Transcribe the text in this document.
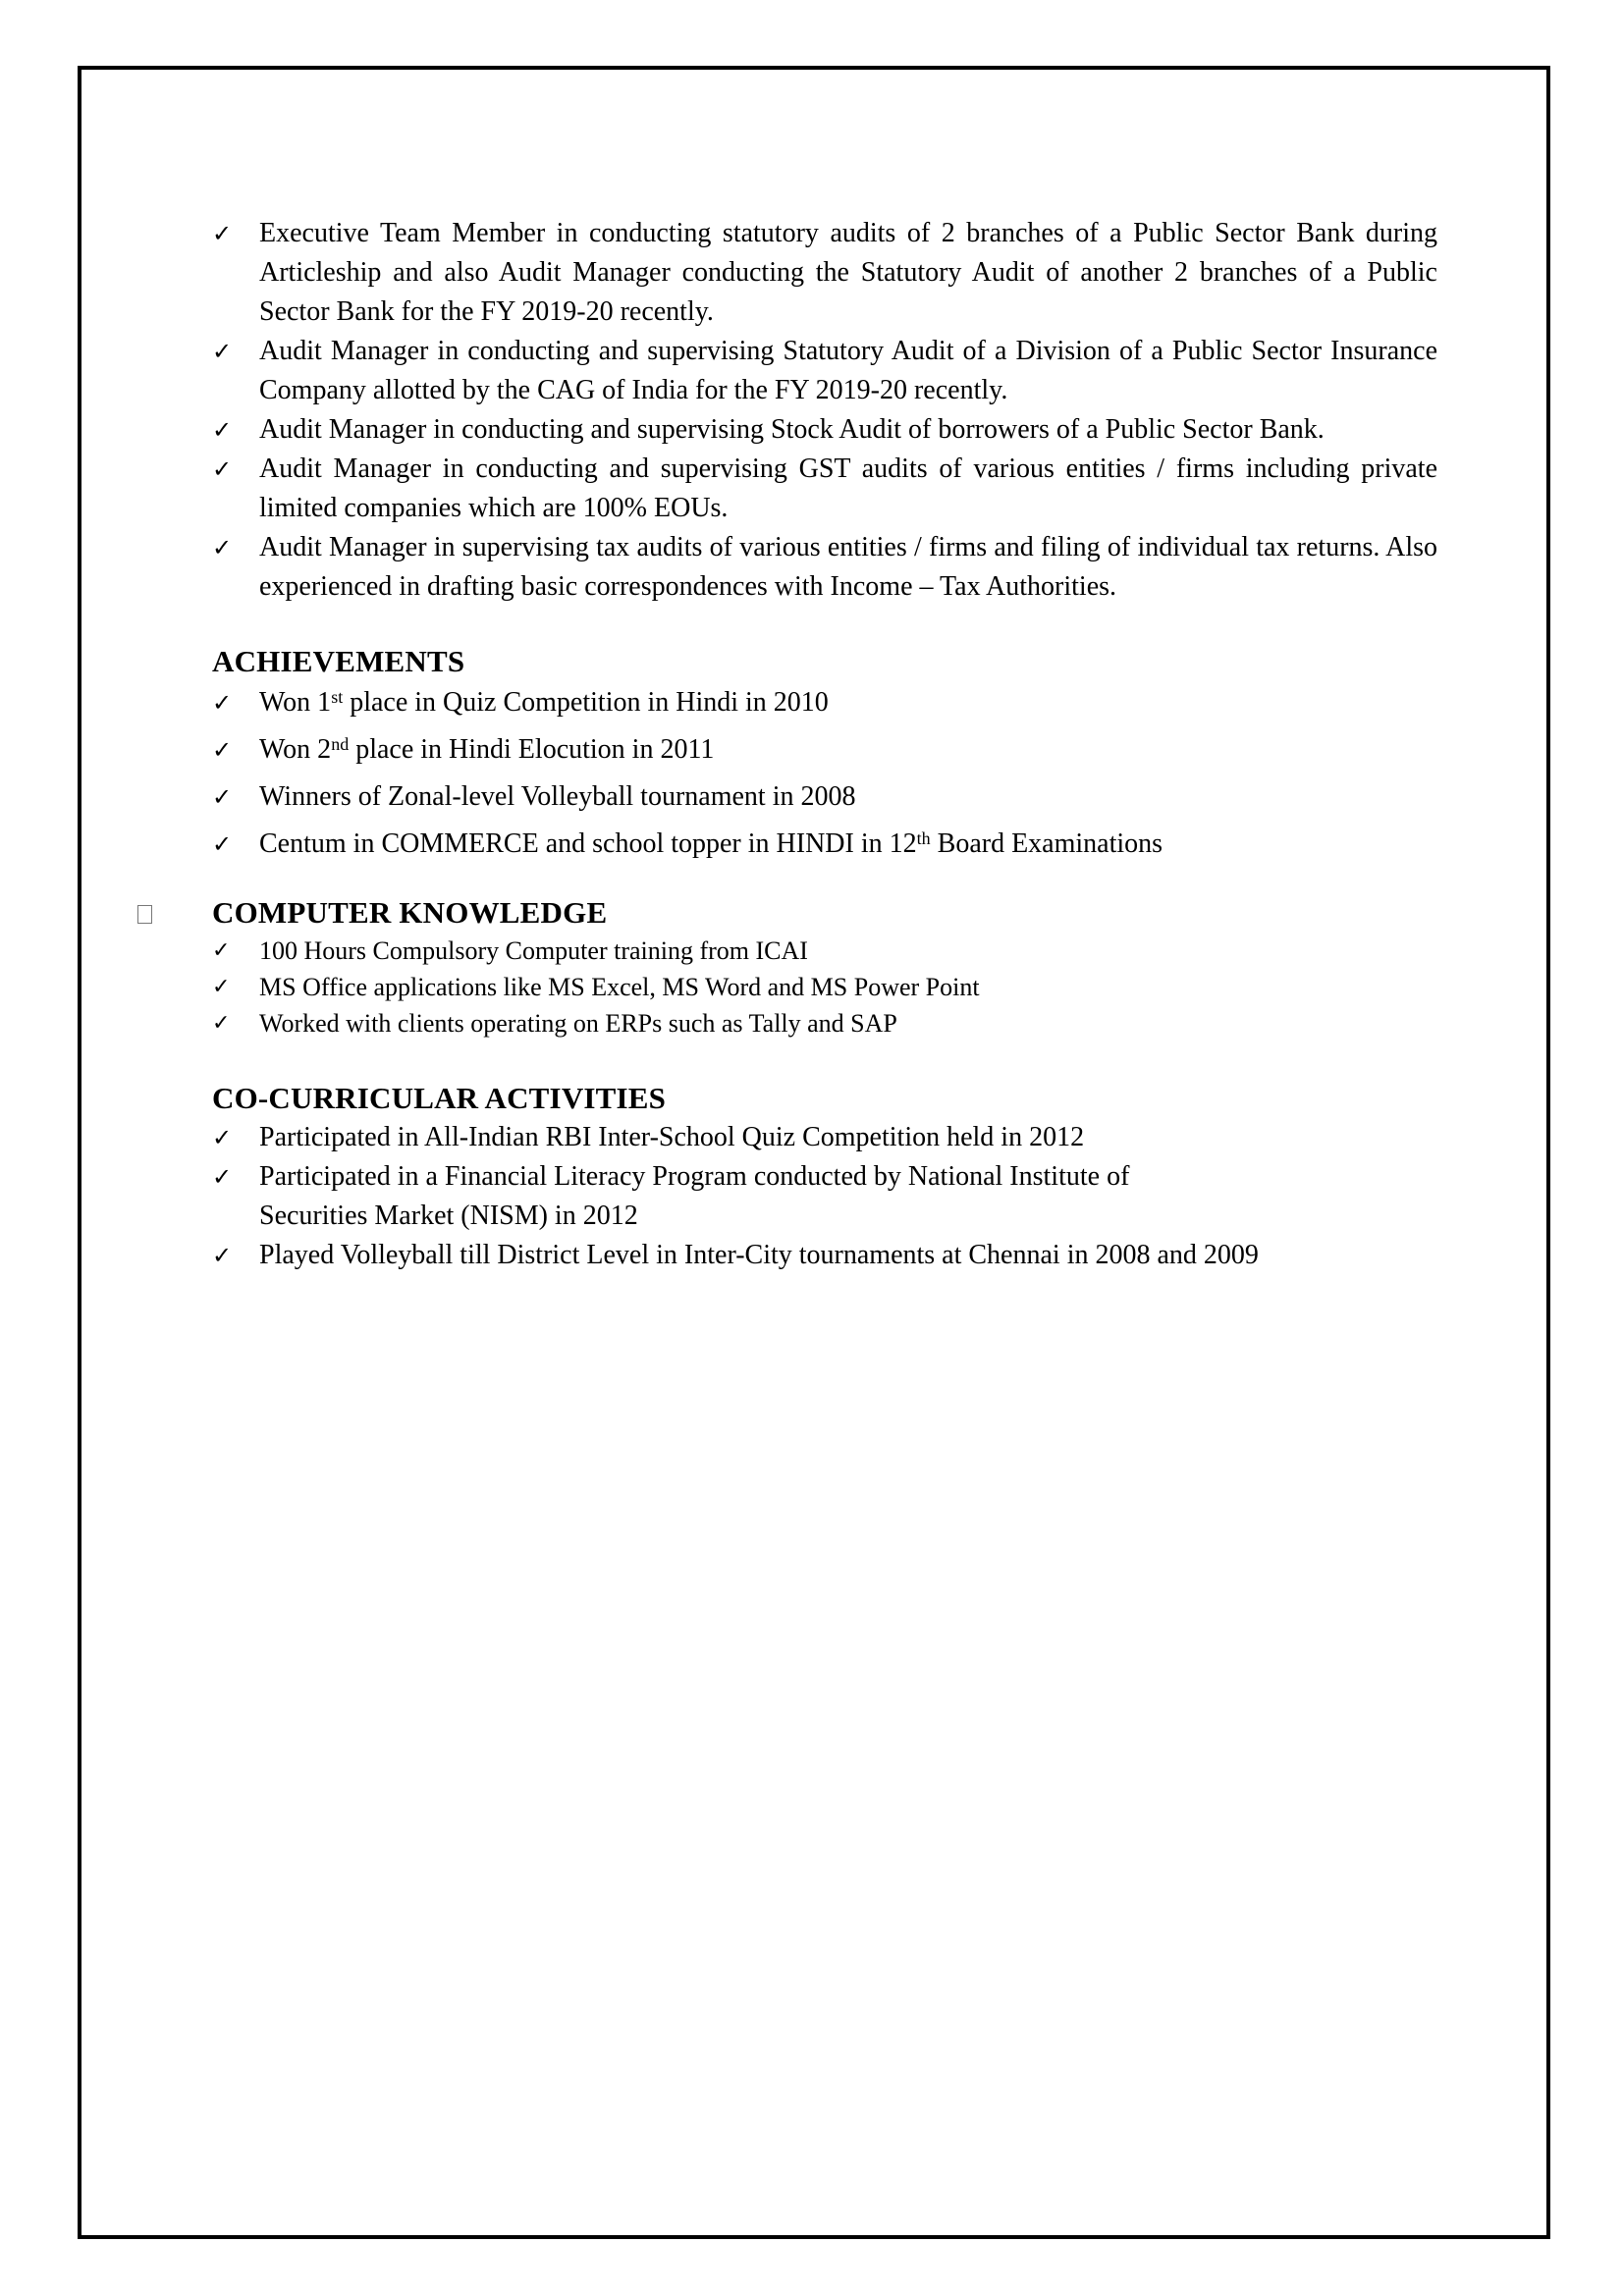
✓ Executive Team Member in conducting statutory audits of 2 branches of a Public Sector Bank during Articleship and also Audit Manager conducting the Statutory Audit of another 2 branches of a Public Sector Bank for the FY 2019-20 recently.
✓ Audit Manager in conducting and supervising Statutory Audit of a Division of a Public Sector Insurance Company allotted by the CAG of India for the FY 2019-20 recently.
✓ Audit Manager in conducting and supervising Stock Audit of borrowers of a Public Sector Bank.
✓ Audit Manager in conducting and supervising GST audits of various entities / firms including private limited companies which are 100% EOUs.
✓ Audit Manager in supervising tax audits of various entities / firms and filing of individual tax returns. Also experienced in drafting basic correspondences with Income – Tax Authorities.
ACHIEVEMENTS
✓ Won 1st place in Quiz Competition in Hindi in 2010
✓ Won 2nd place in Hindi Elocution in 2011
✓ Winners of Zonal-level Volleyball tournament in 2008
✓ Centum in COMMERCE and school topper in HINDI in 12th Board Examinations
COMPUTER KNOWLEDGE
✓ 100 Hours Compulsory Computer training from ICAI
✓ MS Office applications like MS Excel, MS Word and MS Power Point
✓ Worked with clients operating on ERPs such as Tally and SAP
CO-CURRICULAR ACTIVITIES
✓ Participated in All-Indian RBI Inter-School Quiz Competition held in 2012
✓ Participated in a Financial Literacy Program conducted by National Institute of Securities Market (NISM) in 2012
✓ Played Volleyball till District Level in Inter-City tournaments at Chennai in 2008 and 2009
